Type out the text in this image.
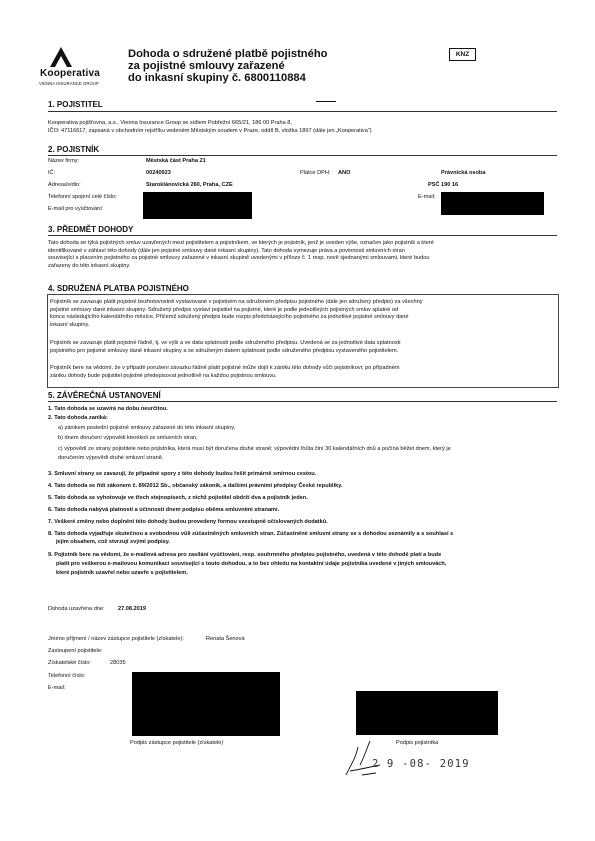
Kooperativa
VIENNA INSURANCE GROUP
Dohoda o sdružené platbě pojistného
za pojistné smlouvy zařazené
do inkasní skupiny č. 6800110884
KNZ
1. POJISTITEL
Kooperativa pojišťovna, a.s., Vienna Insurance Group se sídlem Pobřežní 665/21, 186 00 Praha 8,
IČO: 47116617, zapsaná v obchodním rejstříku vedeném Městským soudem v Praze, oddíl B, vložka 1897 (dále jen „Kooperativa“)
2. POJISTNÍK
Název firmy:	Městská část Praha 21
IČ:	00240923	Plátce DPH: ANO	Právnická osoba
Adresa/sídlo:	Staroklánovická 260, Praha, CZE	PSČ 190 16
Telefonní spojení celé číslo:	E-mail:
E-mail pro vyúčtování:
3. PŘEDMĚT DOHODY
Tato dohoda se týká pojistných smluv uzavřených mezi pojistitelem a pojistníkem, ve kterých je pojistník, jenž je uveden výše, označen jako pojistník a které
identifikované v záhlaví této dohody (dále jen pojistné smlouvy dané inkasní skupiny). Tato dohoda vymezuje práva a povinnosti smluvních stran
související s placením pojistného za pojistné smlouvy zařazené v inkasní skupině uvedenými v příloze č. 1 resp. nově sjednanými smlouvami, které budou
zařazeny do této inkasní skupiny.
4. SDRUŽENÁ PLATBA POJISTNÉHO
Pojistník se zavazuje platit pojistné bezhotovostně vystavované v pojistném na sdruženém předpisu pojistného (dále jen sdružený předpis) za všechny
pojistné smlouvy dané inkasní skupiny. Sdružený předpis vystaví pojistitel na pojistné, které je podle jednotlivých pojistných smluv splatné od
konce následujícího kalendářního měsíce. Přičemž sdružený předpis bude rozpis předcházejícího pojistného za jednotlivé pojistné smlouvy dané
inkasní skupiny.
Pojistník se zavazuje platit pojistné řádně, tj. ve výši a ve data splatnosti podle sdruženého předpisu. Uvedená se za jednotlivé data splatnosti
pojistného pro pojistné smlouvy dané inkasní skupiny a se sdruženým datem splatnosti podle sdruženého předpisu vystaveného pojistitelem.
Pojistník bere na vědomí, že v případě porušení závazku řádně platit pojistné může dojít k zániku této dohody vůči pojistníkovi; po případném
zániku dohody bude pojistitel pojistné předepisovat jednotlivě na každou pojistnou smlouvu.
5. ZÁVĚREČNÁ USTANOVENÍ
1. Tato dohoda se uzavírá na dobu neurčitou.
2. Tato dohoda zaniká:
a) zánikem poslední pojistné smlouvy zařazené do této inkasní skupiny,
b) dnem doručení výpovědi kterékoli ze smluvních stran,
c) výpovědí ze strany pojistitele nebo pojistníka, která musí být doručena druhé straně; výpovědní lhůta činí 30 kalendářních dnů a počíná běžet dnem, který je
doručením výpovědi druhé smluvní straně.
3. Smluvní strany se zavazují, že případné spory z této dohody budou řešit primárně smírnou cestou.
4. Tato dohoda se řídí zákonem č. 89/2012 Sb., občanský zákoník, a dalšími právními předpisy České republiky.
5. Tato dohoda se vyhotovuje ve třech stejnopisech, z nichž pojistitel obdrží dva a pojistník jeden.
6. Tato dohoda nabývá platnosti a účinnosti dnem podpisu oběma smluvními stranami.
7. Veškeré změny nebo doplnění této dohody budou provedeny formou vzestupně očíslovaných dodatků.
8. Tato dohoda vyjadřuje skutečnou a svobodnou vůli zúčastněných smluvních stran. Zúčastněné smluvní strany se s dohodou seznámily a s souhlasí s
jejím obsahem, což stvrzují svými podpisy.
9. Pojistník bere na vědomí, že e-mailová adresa pro zasílání vyúčtování, resp. souhrnného předpisu pojistného, uvedená v této dohodě platí a bude
platit pro veškerou e-mailovou komunikaci související s touto dohodou, a to bez ohledu na kontaktní údaje pojistníka uvedené v jiných smlouvách,
které pojistník uzavřel nebo uzavře s pojistitelem.
Dohoda uzavřena dne: 27.08.2019
Jméno příjmení / název zástupce pojistitele (získatele):	Renata Šenová
Zastoupení pojistitele:
Získatelské číslo:	28035
Telefonní číslo:
E-mail:
Podpis zástupce pojistitele (získatele)	Podpis pojistníka
2 9 -08- 2019
